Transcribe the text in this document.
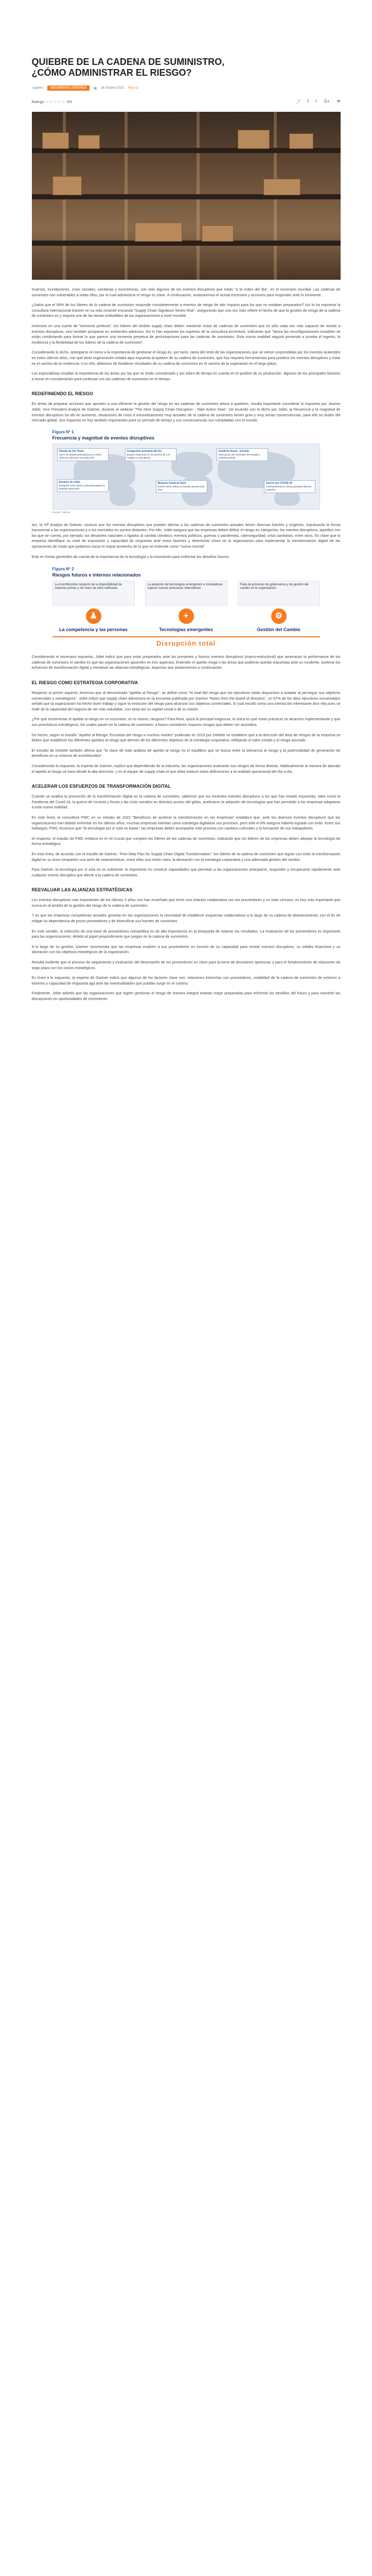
QUIEBRE DE LA CADENA DE SUMINISTRO, ¿CÓMO ADMINISTRAR EL RIESGO?
Logistec	SEGURIDAD LOGÍSTICA	▦ 18 Octubre 2022 Para 12
Ratings ☆☆☆☆☆ 0/5	⤴ f t G+ ✉

Guerras, inundaciones, crisis sociales, sanitarias y económicas, son sólo algunos de los eventos disruptivos que están "a la orden del día", en el escenario mundial. Las cadenas de suministro son vulnerables a todas ellas, por lo cual administrar el riesgo es clave. A continuación, analizaremos el actual escenario y acciones para responder ante lo inminente.

¿Sabía que el 68% de los líderes de la cadena de suministro responde constantemente a eventos de riesgo de alto impacto para los que no estaban preparados? Así lo ha expuesto la consultora internacional Gartner en su más reciente encuesta "Supply Chain Signature Series Risk", asegurando que una vez más refiere el hecho de que la gestión de riesgo de la cadena de suministro es y seguirá una de las tareas irrebatibles de las organizaciones a nivel mundial.

Inmersos en una suerte de "tormenta perfecta", los líderes del ámbito supply chain deben mantener estas de cadenas de suministro que es sólo cada vez más capaces de resistir a eventos disruptivos, sino también prosperar en ambientes adversos. Así lo han expuesto los expertos de la consultora Accenture, indicando que "ahora las reconfiguraciones invisibles se están combinando para formar lo que parece una tormenta perpetua de perturbaciones para las cadenas de suministro. Esta nueva realidad seguirá poniendo a prueba el ingenio, la resiliencia y la flexibilidad de los líderes de la cadena de suministro".

Considerando lo dicho, anticiparse en torno a la importancia de gestionar el riesgo es, por tanto, tarea del resto de las organizaciones que se vieron sorprendidas por los eventos acaecidos en estos últimos años, con qué tanta organización estaba aquí expuesta al quiebre de su cadena de suministro, que hoy requiere herramientas para predecir los eventos disruptivos y estar en el camino de la resiliencia. Con ello, debemos de fortalecer resultados de su cadena de suministro en el camino de la superación en el largo plazo.

Los especialistas resaltan la importancia de las áreas por las que se están considerado y así sobre de tiempo en cuenta en el quiebre de su producción, algunos de los principales factores a tomar en consideración para continuar con las cadenas de suministro en el tiempo.

REDEFINIENDO EL RIESGO

En áreas de preparar acciones que apunten a una eficiente la gestión del riesgo en las cadenas de suministro ahora a quiebres, resulta importante considerar lo expuesto por Jeanne Joliet, Vice President Analyst de Gartner, durante el webinar "The Next Supply Chain Disruption - Take Action Now". De acuerdo con lo dicho por Joliet, la frecuencia y la magnitud de eventos disruptivos ha ido en aumento, situaciones de crisis e inmovilizaciones muy actuales de la cadena de suministro tienen gran y muy serias consecuencias, para ello no dudes del mercado global. Sus impactos es hoy también importantes para un período de tiempo y sus consecuencias son compiladas con el mundo.

Figura Nº 1
Frecuencia y magnitud de eventos disruptivos
Oleada de frío Texas
Cierre de plantas petroquímicas y cortes eléctricos afectaron la producción.
Escasez de chips
Desajuste entre oferta y demanda golpea la industria automotriz.
Congestión portuaria EE.UU.
Buques esperando en los puertos de Los Ángeles y Long Beach.
Bloqueo Canal de Suez
El Ever Given detuvo el tránsito durante seis días.
Conflicto Rusia - Ucrania
Interrupción del suministro de energía y materias primas.
Cierres por COVID-19
Confinamientos en China paralizan fábricas y puertos.
Fuente: Gartner

Así, la VP Analyst de Gartner, sostuvo que los eventos disruptivos que pueden afectar a las cadenas de suministro actuales tienen diversas fuentes y orígenes, impulsando la forma transversal a las organizaciones y a los mercados en puntos distantes. Por ello, Joliet asegura que las empresas deben definir el riesgo en categorías: los eventos disruptivos, aquellos con los que se cuenta, por ejemplo: los desastres naturales o ligados al cambio climático; eventos políticos, guerras y pandemias; ciberseguridad; crisis sanitarias, entre otros. Es clave que la empresa identifique su nivel de exposición y capacidad de respuesta ante estos factores y determinar cómo se la organización para implementar la transformación digital de las operaciones de modo que podamos sacar el mayor provecho de lo que se entiende como "nuevo normal".

Esto en líneas generales da cuenta de la importancia de la tecnología y la innovación para enfrentar los desafíos futuros.

Figura Nº 2
Riesgos futuros e internos relacionados
La incertidumbre respecto de la disponibilidad de materias primas y de mano de obra calificada.
♟
La competencia y las personas
La adopción de tecnologías emergentes e innovadoras supone nuevas amenazas cibernéticas.
+
Tecnologías emergentes
Falta de procesos de gobernanza y de gestión del cambio en la organización.
⚙
Gestión del Cambio
Disrupción total

Considerando el escenario expuesto, Joliet indicó que para estar preparados ante los presentes y futuros eventos disruptivos (macro-estructural) que amenazan la performance de las cadenas de suministro el cambio es que las organizaciones apuesten en tres aspectos. Entender el apetito mega o las áreas que pudieran quedar expuestas ante un incidente, acelerar los esfuerzos de transformación digital y reevaluar las alianzas estratégicas, aspectos que analizaremos a continuación.

EL RIESGO COMO ESTRATEGIA CORPORATIVA

Respecto al primer aspecto, tenemos que al denominado "apetito al Riesgo", se define como "el total del riesgo que los ejecutivos están dispuestos a aceptar al perseguir sus objetivos comerciales y estratégicos". Joliet indicó que supply chain administra en la encuesta publicada por Gartner "Notes from the board of directors", un 67% de los altos ejecutivos encuestados señaló que la organización ha hecho buen trabajo y sigue la evolución del riesgo para alcanzar sus objetivos comerciales, lo cual resultó como una interacción interesante dice ella pues se mide de la capacidad del negocio de ser más saludable, con tanto así su capital social o de su misión.

¿Por qué incrementar el apetito al riesgo en un escenario, en lo mismo, riesgoso? Para Roni, quizá la principal exigencia, la única es que estas prácticas se alcancen implementando y que sus pronósticos estratégicos, los cuales pasen en la cadena de suministro, a futuro consideren mayores riesgos que deben ser asumidos.

De hecho, según el estudio "Apetito al Riesgo: Encuesta del riesgo a muchos niveles" publicado en 2019 por Deloitte se establece que a la dirección del área de riesgos de la empresa se deben que establecer los diferentes apetitos al riesgo que deriven de los diferentes objetivos de la estrategia corporativa; reflejando el valor creado y el riesgo asumido.

El estudio de Deloitte también afirma que "la clave de todo análisis de apetito al riesgo es el equilibrio que se busca entre la tolerancia al riesgo y la potencialidad de generación de beneficios en un entorno de incertidumbre".

Considerando lo expuesto, la experta de Gartner, explicó que dependiendo de la industria, las organizaciones evaluarán sus riesgos de forma distinta. Habitualmente la manera de abordar el apetito al riesgo se hace desde la alta dirección, y es el equipo de supply chain el que debe traducir estas definiciones a la realidad operacional del día a día.

ACELERAR LOS ESFUERZOS DE TRANSFORMACIÓN DIGITAL

Cuando se analiza la promoción de la transformación digital en la cadena de suministro, sabemos que los recientes eventos disruptivos a los que han estado expuestas, tales como la Pandemia del Covid-19, la guerra de Ucrania y Rusia y las crisis sociales en distintos puntos del globo, aceleraron la adopción de tecnologías que han permitido a las empresas adaptarse a esta nueva realidad.

En este línea, la consultora PWC en su estudio de 2022 "Beneficios de acelerar la transformación en las empresas" establece que, ante los diversos eventos disruptivos que las organizaciones han debido enfrentar en los últimos años, muchas empresas intentan como estrategia digitalizar sus procesos, pero sólo el 8% asegura haberlo logrado con éxito. Entre sus hallazgos, PWC reconoce que "la tecnología por sí sola no basta": las empresas deben acompañar este proceso con cambios culturales y la formación de sus trabajadores.

Al respecto, el estudio de PWC enfatiza en el rol crucial que cumplen los líderes de las cadenas de suministro, indicando que los líderes de las empresas deben adoptar la tecnología de forma estratégica.

En esta línea, de acuerdo con el estudio de Gartner, "Five-Step Plan for Supply Chain Digital Transformation", los líderes de la cadena de suministro que logran con éxito la transformación digital en su área comparten una serie de características, entre ellas una visión clara, la alineación con la estrategia corporativa y una adecuada gestión del cambio.

Para Gartner, la tecnología por sí sola no es suficiente: lo importante es construir capacidades que permitan a las organizaciones anticiparse, responder y recuperarse rápidamente ante cualquier evento disruptivo que afecte a la cadena de suministro.

REEVALUAR LAS ALIANZAS ESTRATÉGICAS

Los eventos disruptivos más importantes de los últimos 3 años nos han enseñado que tener una relación colaborativa con los proveedores y un trato cercano, es hoy más importante que nunca en el ámbito de la gestión del riesgo de la cadena de suministro.

Y es que las empresas competitivas actuales generan en las organizaciones la necesidad de establecer esquemas colaborativos a lo largo de su cadena de abastecimiento; con el fin de mitigar su dependencia de pocos proveedores y de diversificar sus fuentes de suministro.

En este sentido, la selección de una base de proveedores competitiva es de alta importancia en la búsqueda de mejorar los resultados. La evaluación de los proveedores es importante para las organizaciones, debido al papel preponderante que juegan en la cadena de suministro.

A lo largo de su gestión, Gartner recomienda que las empresas evalúen a sus proveedores en función de su capacidad para resistir eventos disruptivos, su solidez financiera y su alineación con los objetivos estratégicos de la organización.

Resulta evidente que el proceso de seguimiento y evaluación del desempeño de los proveedores es clave para la toma de decisiones oportunas y para el fortalecimiento de relaciones de largo plazo con los socios estratégicos.

En línea a lo expuesto, la experta de Gartner indicó que algunos de los factores clave son: relaciones estrechas con proveedores, visibilidad de la cadena de suministro de extremo a extremo y capacidad de respuesta ágil ante las eventualidades que puedan surgir en el camino.

Finalmente, Joliet advirtió que las organizaciones que logren gestionar el riesgo de manera integral estarán mejor preparadas para enfrentar los desafíos del futuro y para convertir las disrupciones en oportunidades de crecimiento.
